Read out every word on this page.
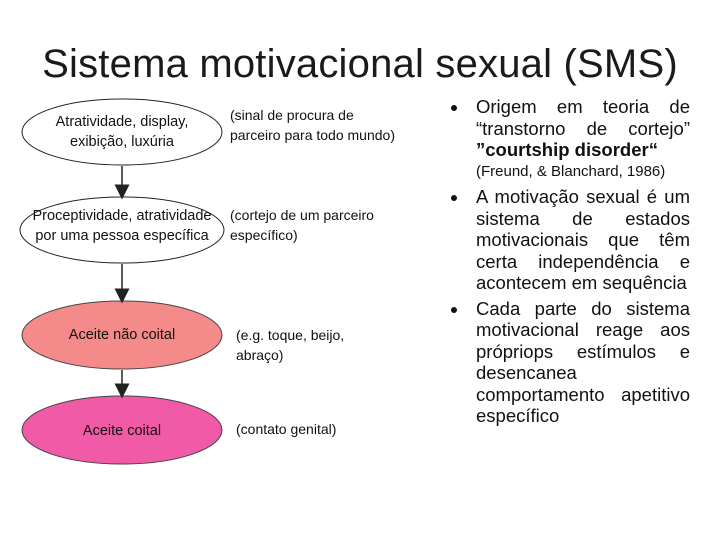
Sistema motivacional sexual (SMS)
Atratividade, display,
exibição, luxúria
Proceptividade, atratividade
por uma pessoa específica
Aceite não coital
Aceite coital
(sinal de procura de
parceiro para todo mundo)
(cortejo de um parceiro
específico)
(e.g. toque, beijo,
abraço)
(contato genital)
Origem em teoria de “transtorno de cortejo” ”courtship disorder“
(Freund, & Blanchard, 1986)
A motivação sexual é um sistema de estados motivacionais que têm certa independência e acontecem em sequência
Cada parte do sistema motivacional reage aos própriops estímulos e desencanea comportamento apetitivo específico
